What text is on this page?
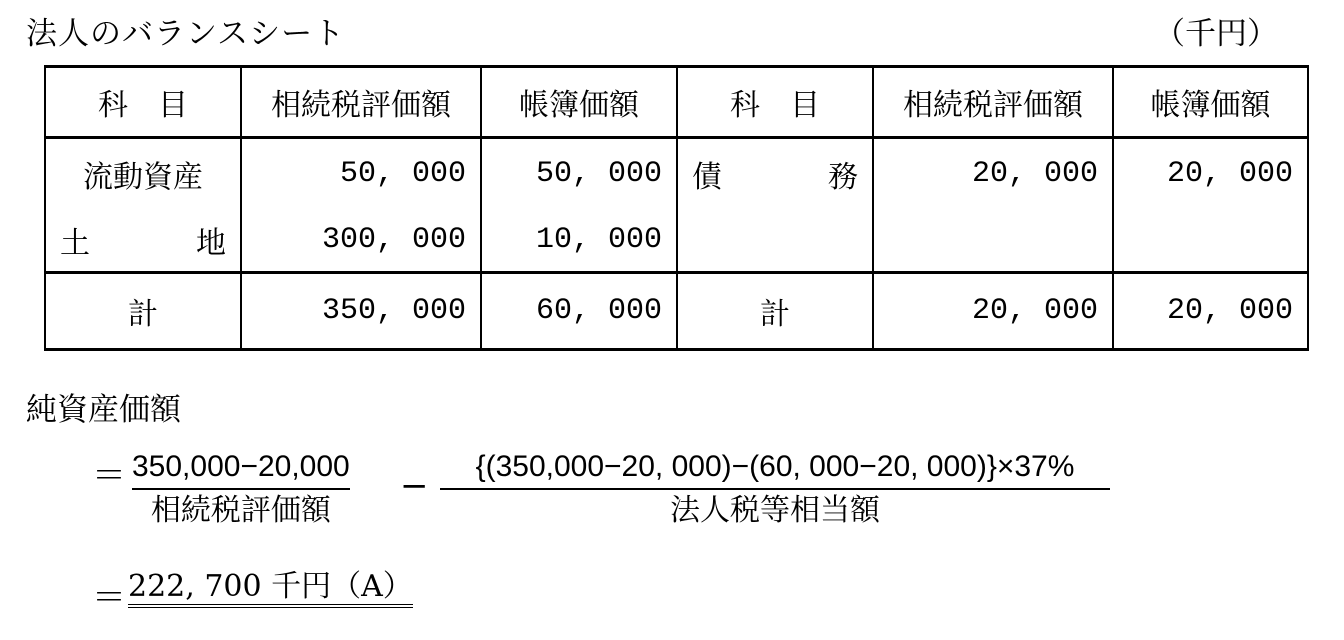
法人のバランスシート	（千円）
科　目	相続税評価額	帳簿価額	科　目	相続税評価額	帳簿価額
流動資産	50, 000	50, 000	債 務	20, 000	20, 000

土 地	300, 000	10, 000			
計	350, 000	60, 000	計	20, 000	20, 000
純資産価額
＝ 350,000−20,000
相続税評価額
− {(350,000−20, 000)−(60, 000−20, 000)}×37%
法人税等相当額
＝ 222, 700 千円（A）
